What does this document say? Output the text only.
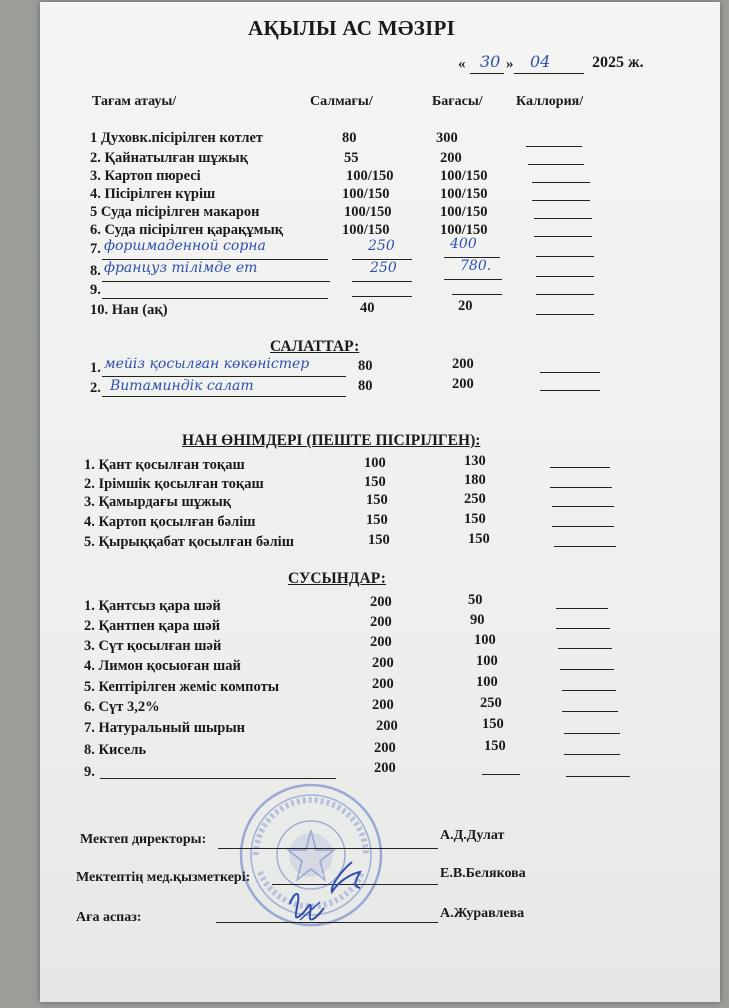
АҚЫЛЫ АС МӘЗІРІ
« 30 » 04	2025 ж.
Тағам атауы/	Салмағы/	Бағасы/ Каллория/
1 Духовк.пісірілген котлет	80	300
2. Қайнатылған шұжық	55	200
3. Картоп пюресі	100/150	100/150
4. Пісірілген күріш	100/150	100/150
5 Суда пісірілген макарон	100/150	100/150
6. Суда пісірілген қарақұмық	100/150	100/150
7. форшмаденной сорна	250	400
8. француз тілімде ет	250	780.
9.
10. Нан (ақ)	40	20
САЛАТТАР:
1. мейіз қосылған көкөністер	80	200
2. Витаминдік салат	80	200
НАН ӨНІМДЕРІ (ПЕШТЕ ПІСІРІЛГЕН):
1. Қант қосылған тоқаш	100	130
2. Ірімшік қосылған тоқаш	150	180
3. Қамырдағы шұжық	150	250
4. Картоп қосылған бәліш	150	150
5. Қырыққабат қосылған бәліш	150	150
СУСЫНДАР:
1. Қантсыз қара шәй	200	50
2. Қантпен қара шәй	200	90
3. Сүт қосылған шәй	200	100
4. Лимон қосыоған шай	200	100
5. Кептірілген жеміс компоты	200	100
6. Сүт 3,2%	200	250
7. Натуральный шырын	200	150
8. Кисель	200	150
9.	200
Мектеп директоры:	А.Д.Дулат
Мектептің мед.қызметкері:	Е.В.Белякова
Аға аспаз:	А.Журавлева
